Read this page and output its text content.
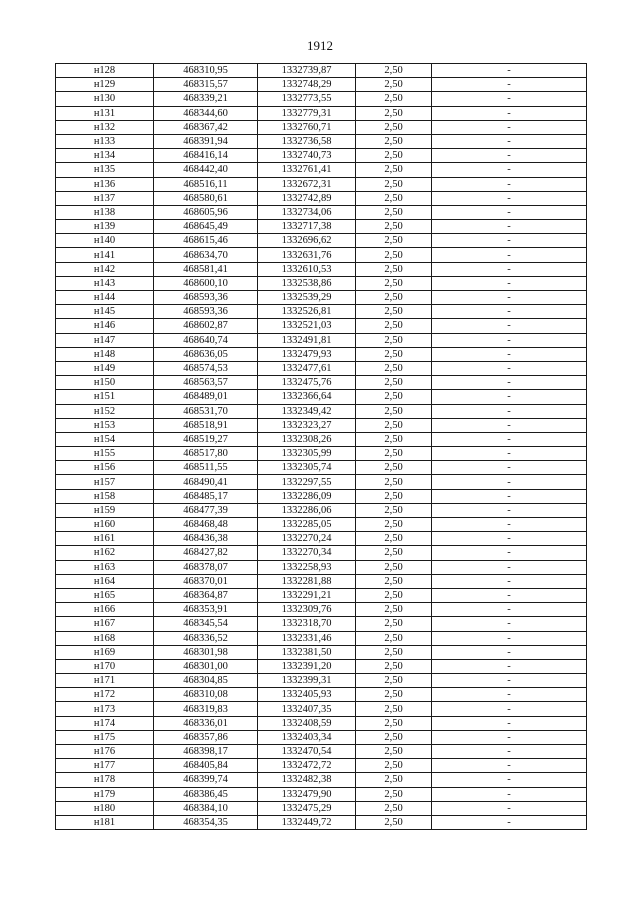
1912
н128	468310,95	1332739,87	2,50	-
н129	468315,57	1332748,29	2,50	-
н130	468339,21	1332773,55	2,50	-
н131	468344,60	1332779,31	2,50	-
н132	468367,42	1332760,71	2,50	-
н133	468391,94	1332736,58	2,50	-
н134	468416,14	1332740,73	2,50	-
н135	468442,40	1332761,41	2,50	-
н136	468516,11	1332672,31	2,50	-
н137	468580,61	1332742,89	2,50	-
н138	468605,96	1332734,06	2,50	-
н139	468645,49	1332717,38	2,50	-
н140	468615,46	1332696,62	2,50	-
н141	468634,70	1332631,76	2,50	-
н142	468581,41	1332610,53	2,50	-
н143	468600,10	1332538,86	2,50	-
н144	468593,36	1332539,29	2,50	-
н145	468593,36	1332526,81	2,50	-
н146	468602,87	1332521,03	2,50	-
н147	468640,74	1332491,81	2,50	-
н148	468636,05	1332479,93	2,50	-
н149	468574,53	1332477,61	2,50	-
н150	468563,57	1332475,76	2,50	-
н151	468489,01	1332366,64	2,50	-
н152	468531,70	1332349,42	2,50	-
н153	468518,91	1332323,27	2,50	-
н154	468519,27	1332308,26	2,50	-
н155	468517,80	1332305,99	2,50	-
н156	468511,55	1332305,74	2,50	-
н157	468490,41	1332297,55	2,50	-
н158	468485,17	1332286,09	2,50	-
н159	468477,39	1332286,06	2,50	-
н160	468468,48	1332285,05	2,50	-
н161	468436,38	1332270,24	2,50	-
н162	468427,82	1332270,34	2,50	-
н163	468378,07	1332258,93	2,50	-
н164	468370,01	1332281,88	2,50	-
н165	468364,87	1332291,21	2,50	-
н166	468353,91	1332309,76	2,50	-
н167	468345,54	1332318,70	2,50	-
н168	468336,52	1332331,46	2,50	-
н169	468301,98	1332381,50	2,50	-
н170	468301,00	1332391,20	2,50	-
н171	468304,85	1332399,31	2,50	-
н172	468310,08	1332405,93	2,50	-
н173	468319,83	1332407,35	2,50	-
н174	468336,01	1332408,59	2,50	-
н175	468357,86	1332403,34	2,50	-
н176	468398,17	1332470,54	2,50	-
н177	468405,84	1332472,72	2,50	-
н178	468399,74	1332482,38	2,50	-
н179	468386,45	1332479,90	2,50	-
н180	468384,10	1332475,29	2,50	-
н181	468354,35	1332449,72	2,50	-
